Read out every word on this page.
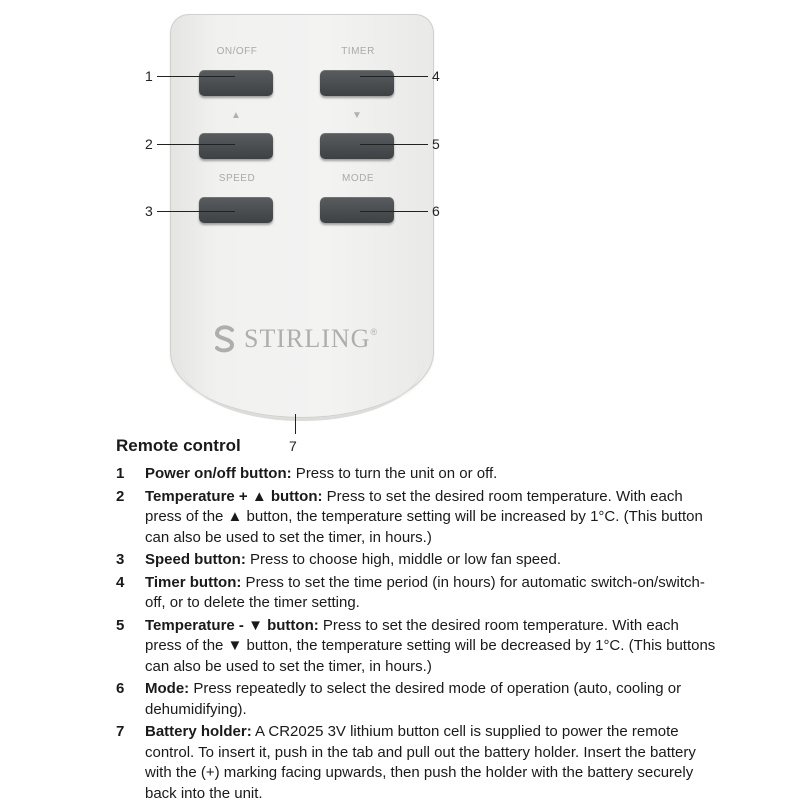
ON/OFF	TIMER
▲	▼
SPEED	MODE
STIRLING ®
1
2
3
4
5
6
7
Remote control
1	Power on/off button: Press to turn the unit on or off.
2	Temperature + ▲ button: Press to set the desired room temperature. With each press of the ▲ button, the temperature setting will be increased by 1°C. (This button can also be used to set the timer, in hours.)
3	Speed button: Press to choose high, middle or low fan speed.
4	Timer button: Press to set the time period (in hours) for automatic switch-on/switch-off, or to delete the timer setting.
5	Temperature - ▼ button: Press to set the desired room temperature. With each press of the ▼ button, the temperature setting will be decreased by 1°C. (This buttons can also be used to set the timer, in hours.)
6	Mode: Press repeatedly to select the desired mode of operation (auto, cooling or dehumidifying).
7	Battery holder: A CR2025 3V lithium button cell is supplied to power the remote control. To insert it, push in the tab and pull out the battery holder. Insert the battery with the (+) marking facing upwards, then push the holder with the battery securely back into the unit.
